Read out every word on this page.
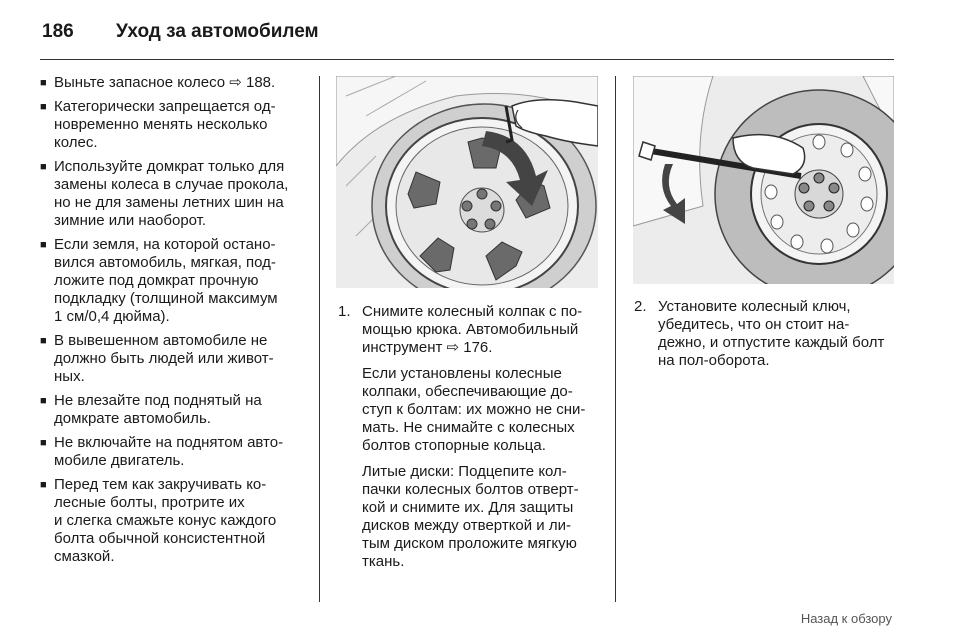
186 Уход за автомобилем
■ Выньте запасное колесо ⇨ 188.
■ Категорически запрещается од-
новременно менять несколько
колес.
■ Используйте домкрат только для
замены колеса в случае прокола,
но не для замены летних шин на
зимние или наоборот.
■ Если земля, на которой остано-
вился автомобиль, мягкая, под-
ложите под домкрат прочную
подкладку (толщиной максимум
1 см/0,4 дюйма).
■ В вывешенном автомобиле не
должно быть людей или живот-
ных.
■ Не влезайте под поднятый на
домкрате автомобиль.
■ Не включайте на поднятом авто-
мобиле двигатель.
■ Перед тем как закручивать ко-
лесные болты, протрите их
и слегка смажьте конус каждого
болта обычной консистентной
смазкой.
1. Снимите колесный колпак с по-
мощью крюка. Автомобильный
инструмент ⇨ 176.

Если установлены колесные
колпаки, обеспечивающие до-
ступ к болтам: их можно не сни-
мать. Не снимайте с колесных
болтов стопорные кольца.

Литые диски: Подцепите кол-
пачки колесных болтов отверт-
кой и снимите их. Для защиты
дисков между отверткой и ли-
тым диском проложите мягкую
ткань.

2. Установите колесный ключ,
убедитесь, что он стоит на-
дежно, и отпустите каждый болт
на пол-оборота.

Назад к обзору
